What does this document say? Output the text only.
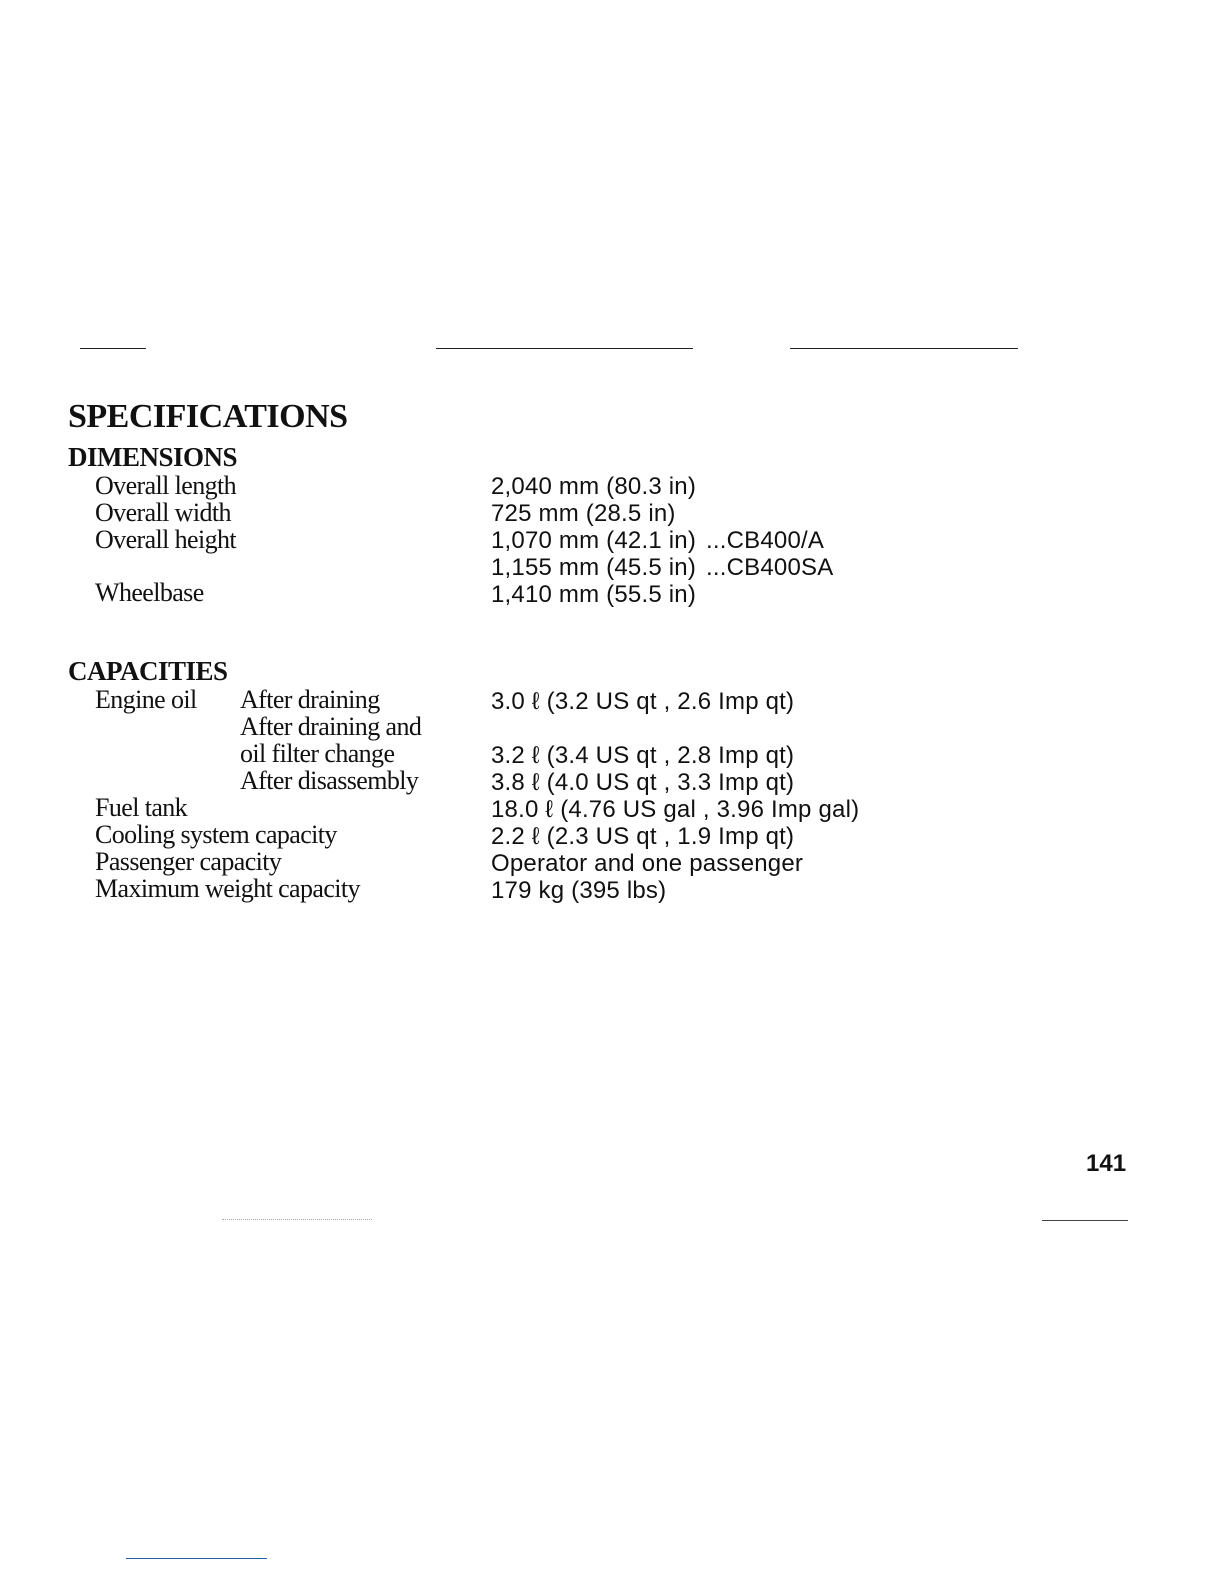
SPECIFICATIONS
DIMENSIONS
Overall length	2,040 mm (80.3 in)
Overall width	725 mm (28.5 in)
Overall height	1,070 mm (42.1 in) ...CB400/A
1,155 mm (45.5 in) ...CB400SA
Wheelbase	1,410 mm (55.5 in)
CAPACITIES
Engine oil After draining	3.0 ℓ (3.2 US qt , 2.6 Imp qt)
After draining and
oil filter change	3.2 ℓ (3.4 US qt , 2.8 Imp qt)
After disassembly	3.8 ℓ (4.0 US qt , 3.3 Imp qt)
Fuel tank	18.0 ℓ (4.76 US gal , 3.96 Imp gal)
Cooling system capacity	2.2 ℓ (2.3 US qt , 1.9 Imp qt)
Passenger capacity	Operator and one passenger
Maximum weight capacity	179 kg (395 lbs)
141
